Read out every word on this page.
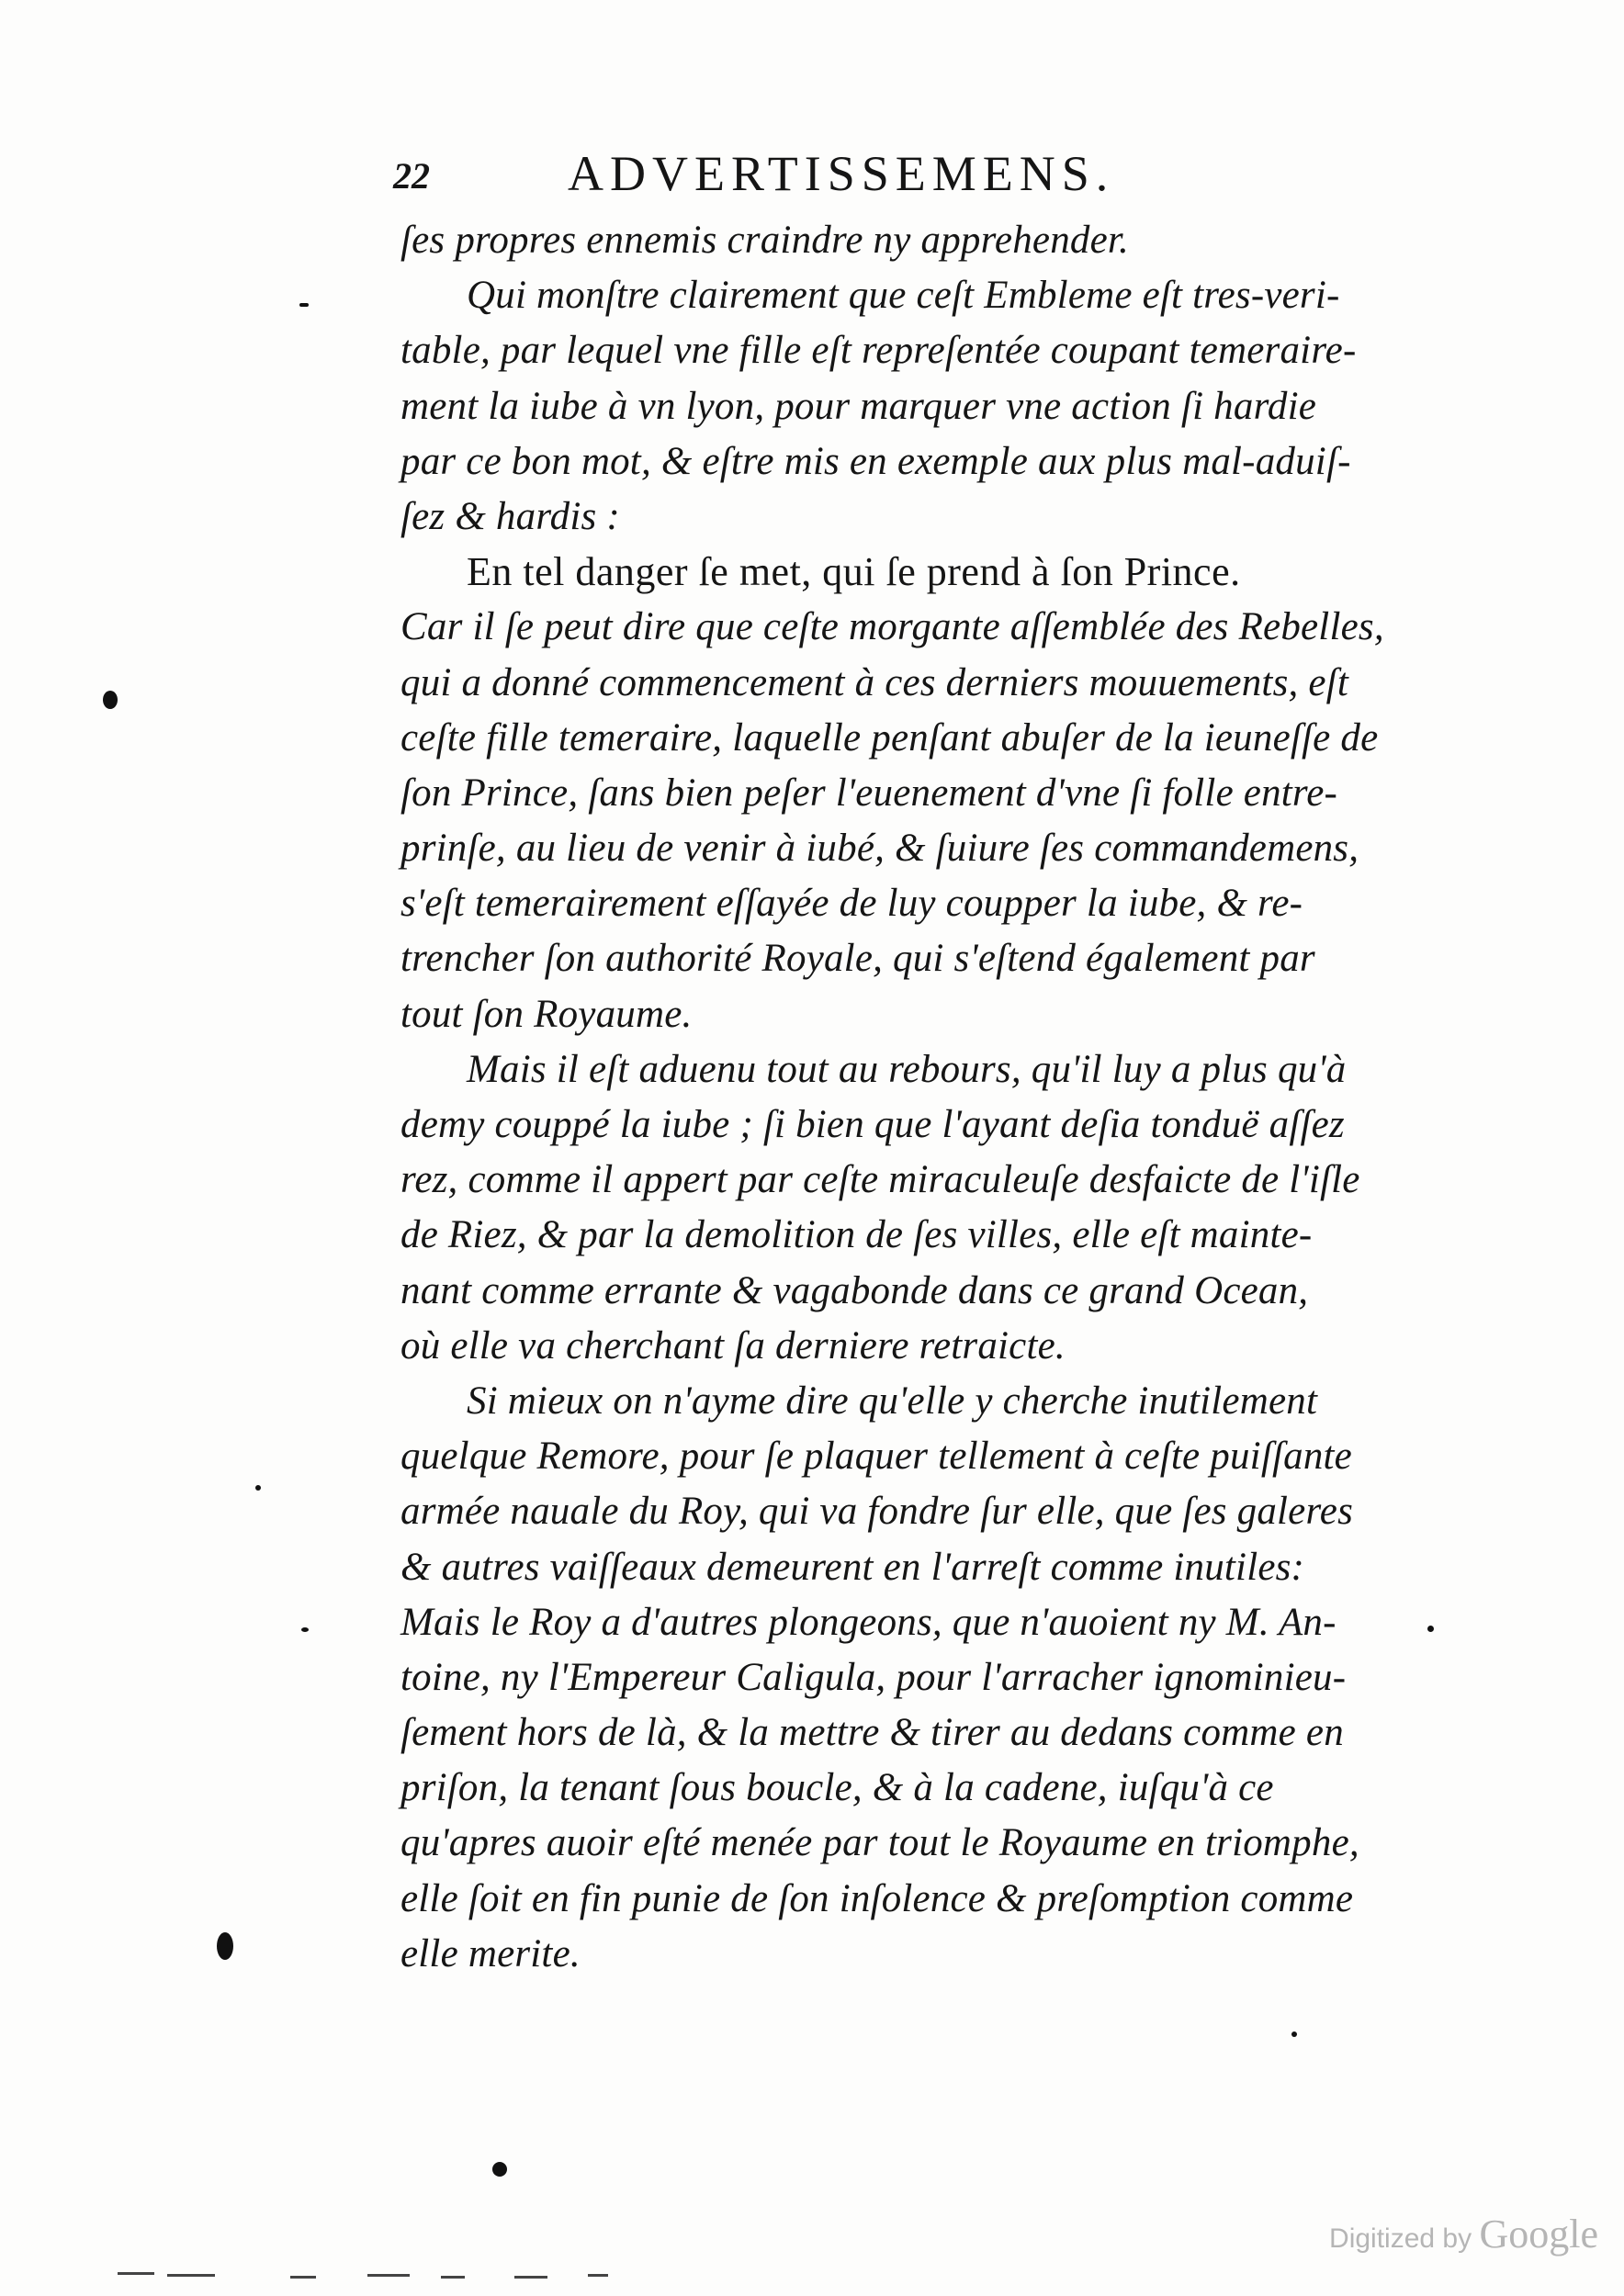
22	ADVERTISSEMENS.
ſes propres ennemis craindre ny apprehender.
Qui monſtre clairement que ceſt Embleme eſt tres-veri-
table, par lequel vne fille eſt repreſentée coupant temeraire-
ment la iube à vn lyon, pour marquer vne action ſi hardie
par ce bon mot, & eſtre mis en exemple aux plus mal-aduiſ-
ſez & hardis :
En tel danger ſe met, qui ſe prend à ſon Prince.
Car il ſe peut dire que ceſte morgante aſſemblée des Rebelles,
qui a donné commencement à ces derniers mouuements, eſt
ceſte fille temeraire, laquelle penſant abuſer de la ieuneſſe de
ſon Prince, ſans bien peſer l'euenement d'vne ſi folle entre-
prinſe, au lieu de venir à iubé, & ſuiure ſes commandemens,
s'eſt temerairement eſſayée de luy coupper la iube, & re-
trencher ſon authorité Royale, qui s'eſtend également par
tout ſon Royaume.
Mais il eſt aduenu tout au rebours, qu'il luy a plus qu'à
demy couppé la iube ; ſi bien que l'ayant deſia tonduë aſſez
rez, comme il appert par ceſte miraculeuſe desfaicte de l'iſle
de Riez, & par la demolition de ſes villes, elle eſt mainte-
nant comme errante & vagabonde dans ce grand Ocean,
où elle va cherchant ſa derniere retraicte.
Si mieux on n'ayme dire qu'elle y cherche inutilement
quelque Remore, pour ſe plaquer tellement à ceſte puiſſante
armée nauale du Roy, qui va fondre ſur elle, que ſes galeres
& autres vaiſſeaux demeurent en l'arreſt comme inutiles:
Mais le Roy a d'autres plongeons, que n'auoient ny M. An-
toine, ny l'Empereur Caligula, pour l'arracher ignominieu-
ſement hors de là, & la mettre & tirer au dedans comme en
priſon, la tenant ſous boucle, & à la cadene, iuſqu'à ce
qu'apres auoir eſté menée par tout le Royaume en triomphe,
elle ſoit en fin punie de ſon inſolence & preſomption comme
elle merite.
Digitized by Google
